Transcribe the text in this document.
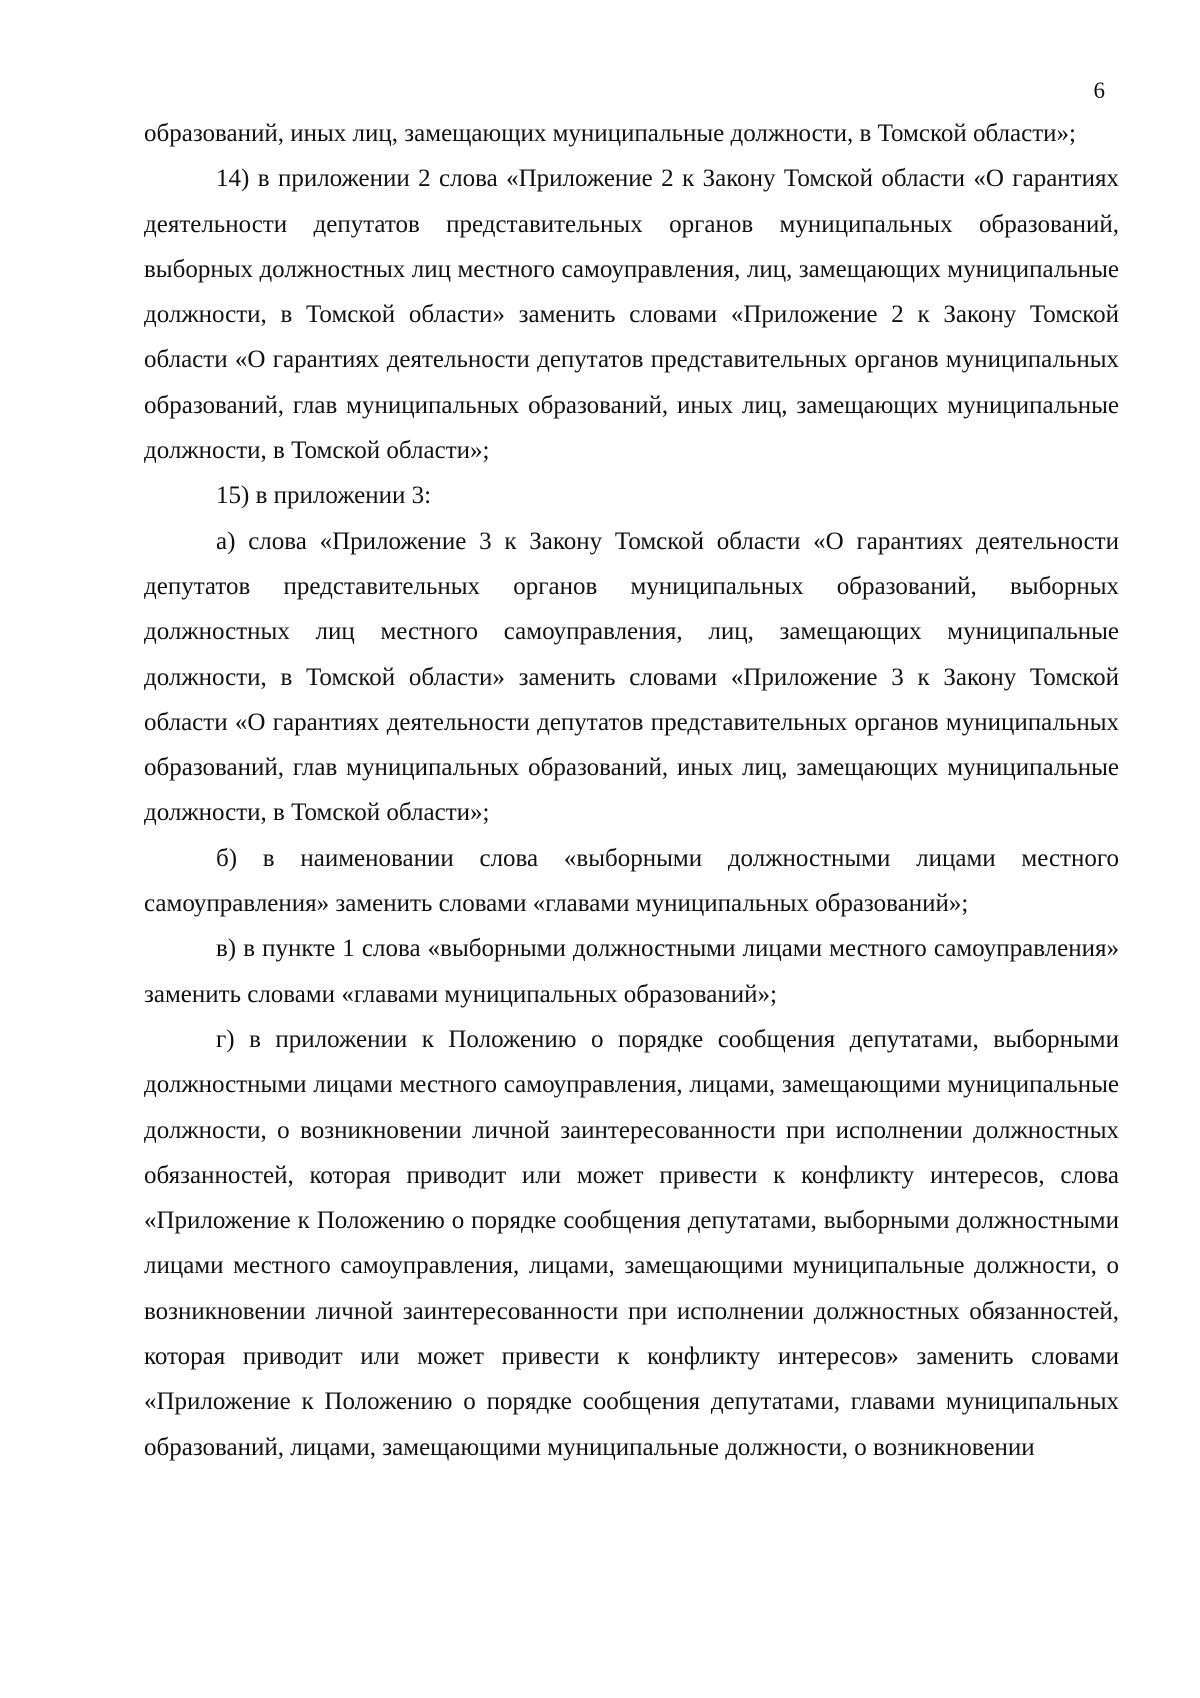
6

образований, иных лиц, замещающих муниципальные должности, в Томской области»;

14) в приложении 2 слова «Приложение 2 к Закону Томской области «О гарантиях деятельности депутатов представительных органов муниципальных образований, выборных должностных лиц местного самоуправления, лиц, замещающих муниципальные должности, в Томской области» заменить словами «Приложение 2 к Закону Томской области «О гарантиях деятельности депутатов представительных органов муниципальных образований, глав муниципальных образований, иных лиц, замещающих муниципальные должности, в Томской области»;

15) в приложении 3:

а) слова «Приложение 3 к Закону Томской области «О гарантиях деятельности депутатов представительных органов муниципальных образований, выборных должностных лиц местного самоуправления, лиц, замещающих муниципальные должности, в Томской области» заменить словами «Приложение 3 к Закону Томской области «О гарантиях деятельности депутатов представительных органов муниципальных образований, глав муниципальных образований, иных лиц, замещающих муниципальные должности, в Томской области»;

б) в наименовании слова «выборными должностными лицами местного самоуправления» заменить словами «главами муниципальных образований»;

в) в пункте 1 слова «выборными должностными лицами местного самоуправления» заменить словами «главами муниципальных образований»;

г) в приложении к Положению о порядке сообщения депутатами, выборными должностными лицами местного самоуправления, лицами, замещающими муниципальные должности, о возникновении личной заинтересованности при исполнении должностных обязанностей, которая приводит или может привести к конфликту интересов, слова «Приложение к Положению о порядке сообщения депутатами, выборными должностными лицами местного самоуправления, лицами, замещающими муниципальные должности, о возникновении личной заинтересованности при исполнении должностных обязанностей, которая приводит или может привести к конфликту интересов» заменить словами «Приложение к Положению о порядке сообщения депутатами, главами муниципальных образований, лицами, замещающими муниципальные должности, о возникновении
